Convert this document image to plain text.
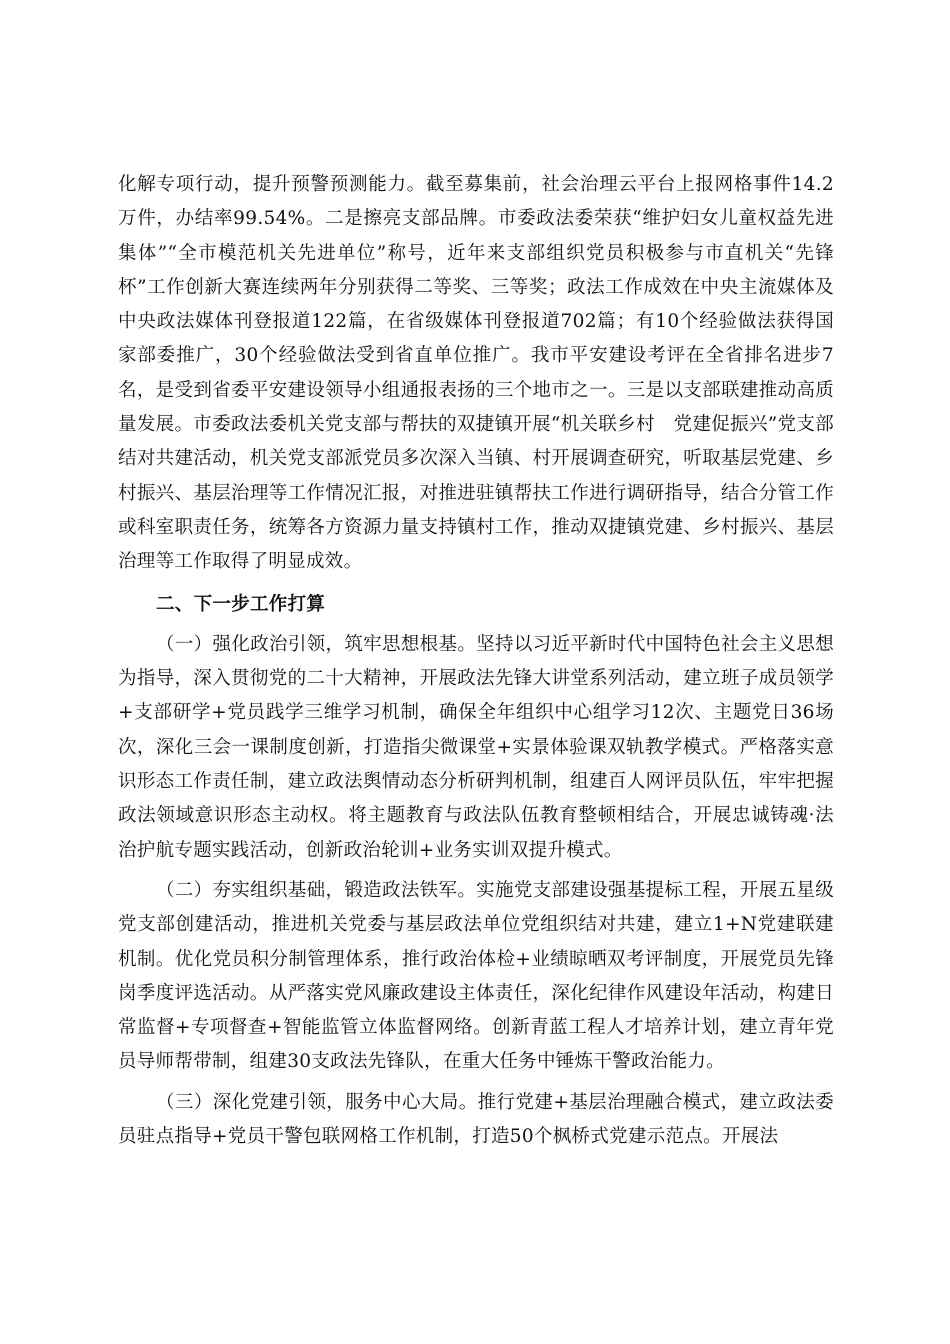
化解专项行动，提升预警预测能力。截至募集前，社会治理云平台上报网格事件14.2万件，办结率99.54%。二是擦亮支部品牌。市委政法委荣获“维护妇女儿童权益先进集体”“全市模范机关先进单位”称号，近年来支部组织党员积极参与市直机关“先锋杯”工作创新大赛连续两年分别获得二等奖、三等奖；政法工作成效在中央主流媒体及中央政法媒体刊登报道122篇，在省级媒体刊登报道702篇；有10个经验做法获得国家部委推广，30个经验做法受到省直单位推广。我市平安建设考评在全省排名进步7名，是受到省委平安建设领导小组通报表扬的三个地市之一。三是以支部联建推动高质量发展。市委政法委机关党支部与帮扶的双捷镇开展“机关联乡村　党建促振兴”党支部结对共建活动，机关党支部派党员多次深入当镇、村开展调查研究，听取基层党建、乡村振兴、基层治理等工作情况汇报，对推进驻镇帮扶工作进行调研指导，结合分管工作或科室职责任务，统筹各方资源力量支持镇村工作，推动双捷镇党建、乡村振兴、基层治理等工作取得了明显成效。

二、下一步工作打算

（一）强化政治引领，筑牢思想根基。坚持以习近平新时代中国特色社会主义思想为指导，深入贯彻党的二十大精神，开展政法先锋大讲堂系列活动，建立班子成员领学+支部研学+党员践学三维学习机制，确保全年组织中心组学习12次、主题党日36场次，深化三会一课制度创新，打造指尖微课堂+实景体验课双轨教学模式。严格落实意识形态工作责任制，建立政法舆情动态分析研判机制，组建百人网评员队伍，牢牢把握政法领域意识形态主动权。将主题教育与政法队伍教育整顿相结合，开展忠诚铸魂·法治护航专题实践活动，创新政治轮训+业务实训双提升模式。

（二）夯实组织基础，锻造政法铁军。实施党支部建设强基提标工程，开展五星级党支部创建活动，推进机关党委与基层政法单位党组织结对共建，建立1+N党建联建机制。优化党员积分制管理体系，推行政治体检+业绩晾晒双考评制度，开展党员先锋岗季度评选活动。从严落实党风廉政建设主体责任，深化纪律作风建设年活动，构建日常监督+专项督查+智能监管立体监督网络。创新青蓝工程人才培养计划，建立青年党员导师帮带制，组建30支政法先锋队，在重大任务中锤炼干警政治能力。

（三）深化党建引领，服务中心大局。推行党建+基层治理融合模式，建立政法委员驻点指导+党员干警包联网格工作机制，打造50个枫桥式党建示范点。开展法
